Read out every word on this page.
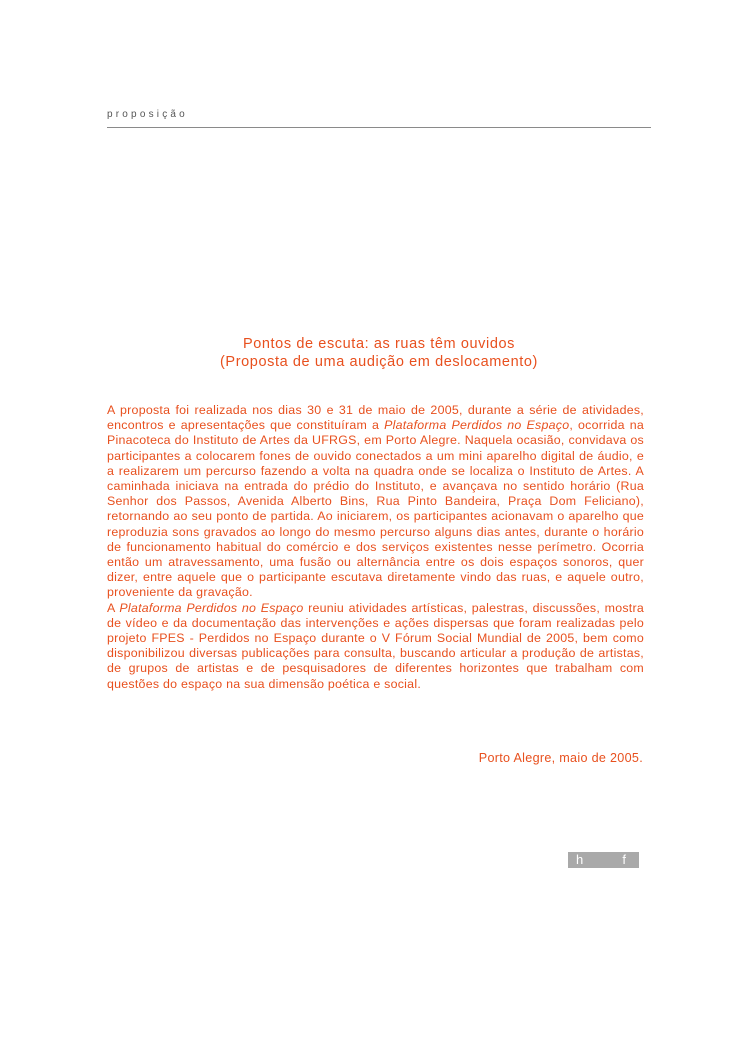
proposição
Pontos de escuta: as ruas têm ouvidos
(Proposta de uma audição em deslocamento)

A proposta foi realizada nos dias 30 e 31 de maio de 2005, durante a série de atividades, encontros e apresentações que constituíram a Plataforma Perdidos no Espaço, ocorrida na Pinacoteca do Instituto de Artes da UFRGS, em Porto Alegre. Naquela ocasião, convidava os participantes a colocarem fones de ouvido conectados a um mini aparelho digital de áudio, e a realizarem um percurso fazendo a volta na quadra onde se localiza o Instituto de Artes. A caminhada iniciava na entrada do prédio do Instituto, e avançava no sentido horário (Rua Senhor dos Passos, Avenida Alberto Bins, Rua Pinto Bandeira, Praça Dom Feliciano), retornando ao seu ponto de partida. Ao iniciarem, os participantes acionavam o aparelho que reproduzia sons gravados ao longo do mesmo percurso alguns dias antes, durante o horário de funcionamento habitual do comércio e dos serviços existentes nesse perímetro. Ocorria então um atravessamento, uma fusão ou alternância entre os dois espaços sonoros, quer dizer, entre aquele que o participante escutava diretamente vindo das ruas, e aquele outro, proveniente da gravação.

A Plataforma Perdidos no Espaço reuniu atividades artísticas, palestras, discussões, mostra de vídeo e da documentação das intervenções e ações dispersas que foram realizadas pelo projeto FPES - Perdidos no Espaço durante o V Fórum Social Mundial de 2005, bem como disponibilizou diversas publicações para consulta, buscando articular a produção de artistas, de grupos de artistas e de pesquisadores de diferentes horizontes que trabalham com questões do espaço na sua dimensão poética e social.

Porto Alegre, maio de 2005.
h	f
